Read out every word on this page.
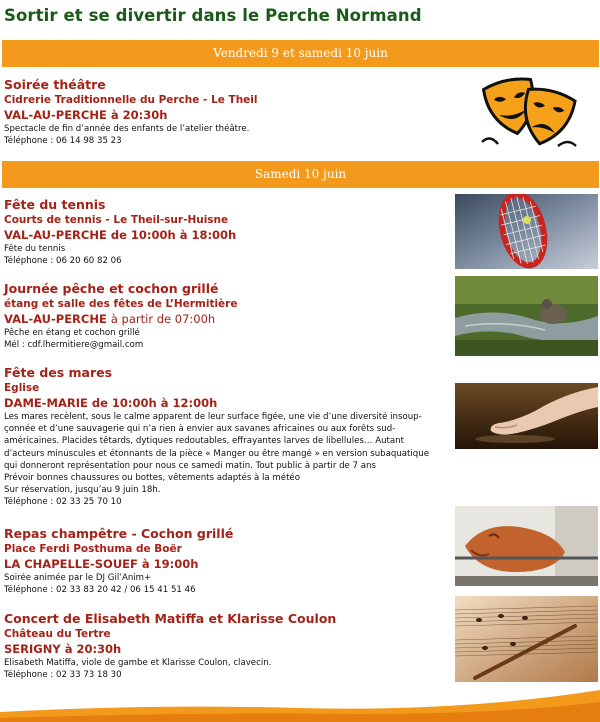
Sortir et se divertir dans le Perche Normand
Vendredi 9 et samedi 10 juin
Soirée théâtre
Cidrerie Traditionnelle du Perche - Le Theil
VAL-AU-PERCHE à 20:30h
Spectacle de fin d’année des enfants de l’atelier théâtre.
Téléphone : 06 14 98 35 23
Samedi 10 juin
Fête du tennis
Courts de tennis - Le Theil-sur-Huisne
VAL-AU-PERCHE de 10:00h à 18:00h
Fête du tennis
Téléphone : 06 20 60 82 06
Journée pêche et cochon grillé
étang et salle des fêtes de L’Hermitière
VAL-AU-PERCHE à partir de 07:00h
Pêche en étang et cochon grillé
Mél : cdf.lhermitiere@gmail.com
Fête des mares
Eglise
DAME-MARIE de 10:00h à 12:00h
Les mares recèlent, sous le calme apparent de leur surface figée, une vie d’une diversité insoup-
çonnée et d’une sauvagerie qui n’a rien à envier aux savanes africaines ou aux forêts sud-
américaines. Placides têtards, dytiques redoutables, effrayantes larves de libellules… Autant
d’acteurs minuscules et étonnants de la pièce « Manger ou être mangé » en version subaquatique
qui donneront représentation pour nous ce samedi matin. Tout public à partir de 7 ans
Prévoir bonnes chaussures ou bottes, vêtements adaptés à la météo
Sur réservation, jusqu’au 9 juin 18h.
Téléphone : 02 33 25 70 10
Repas champêtre - Cochon grillé
Place Ferdi Posthuma de Boër
LA CHAPELLE-SOUEF à 19:00h
Soirée animée par le DJ Gil’Anim+
Téléphone : 02 33 83 20 42 / 06 15 41 51 46
Concert de Elisabeth Matiffa et Klarisse Coulon
Château du Tertre
SERIGNY à 20:30h
Elisabeth Matiffa, viole de gambe et Klarisse Coulon, clavecin.
Téléphone : 02 33 73 18 30
